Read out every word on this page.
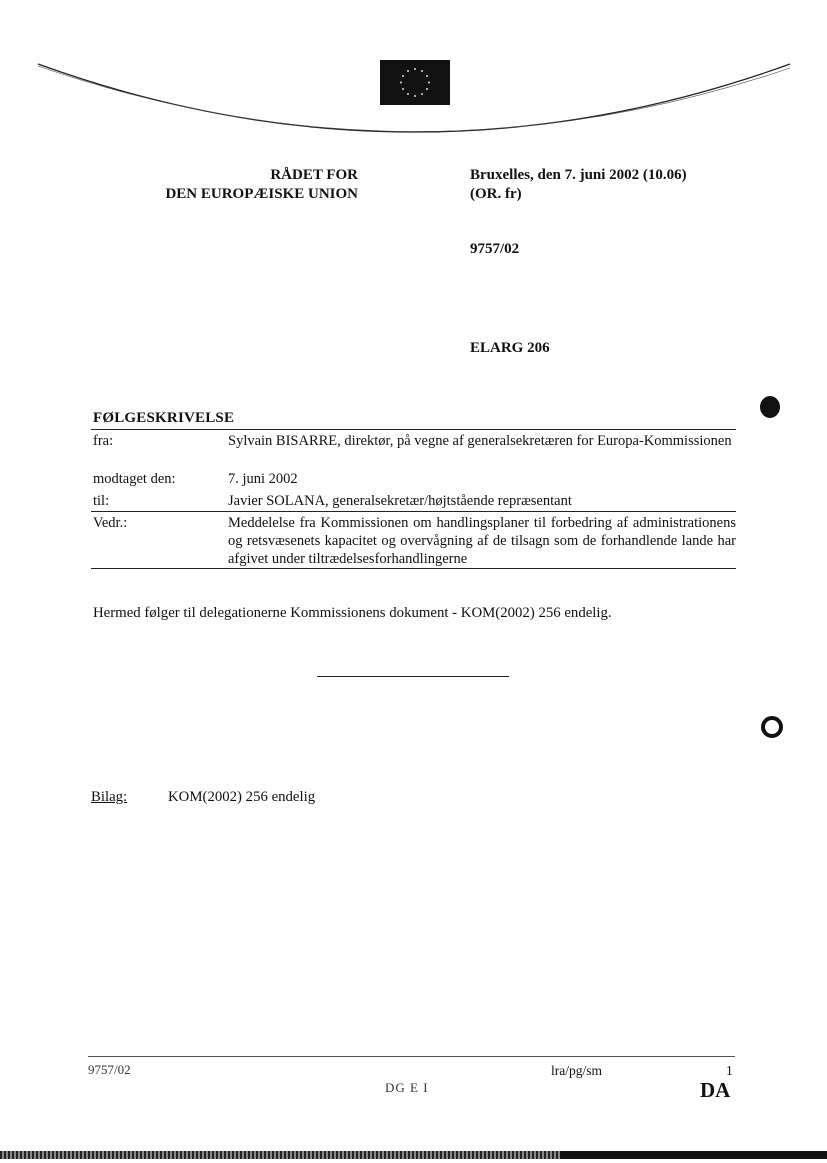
RÅDET FOR
DEN EUROPÆISKE UNION
Bruxelles, den 7. juni 2002 (10.06)
(OR. fr)
9757/02
ELARG 206
FØLGESKRIVELSE
fra:	Sylvain BISARRE, direktør, på vegne af generalsekretæren for Europa-Kommissionen
modtaget den:	7. juni 2002
til:	Javier SOLANA, generalsekretær/højtstående repræsentant
Vedr.:	Meddelelse fra Kommissionen om handlingsplaner til forbedring af administrationens og retsvæsenets kapacitet og overvågning af de tilsagn som de forhandlende lande har afgivet under tiltrædelsesforhandlingerne
Hermed følger til delegationerne Kommissionens dokument - KOM(2002) 256 endelig.
Bilag:	KOM(2002) 256 endelig
9757/02
DG E I
lra/pg/sm	1
DA
